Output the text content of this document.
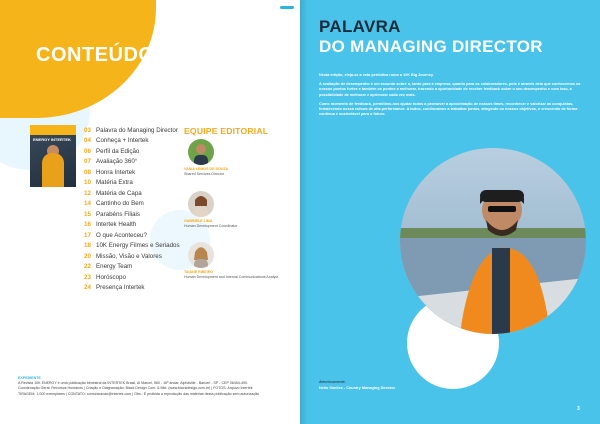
CONTEÚDO
ENERGY INTERTEK
03 Palavra do Managing Director
04 Conheça + Intertek
06 Perfil da Edição
07 Avaliação 360°
08 Honra Intertek
10 Matéria Extra
12 Matéria de Capa
14 Cantinho do Bem
15 Parabéns Filiais
16 Intertek Health
17 O que Aconteceu?
18 10K Energy Filmes e Seriados
20 Missão, Visão e Valores
22 Energy Team
23 Horóscopo
24 Presença Intertek
EQUIPE EDITORIAL
VANIA LEMOS DE SOUZA
Shared Services Director
GABRIELE LIMA
Human Development Coordinator
TAIANE RIBEIRO
Human Development and Internal Communications Analyst
EXPEDIENTE
A Revista 10K ENERGY é uma publicação bimestral da INTERTEK Brasil, Al Marcel, 560 - 16º andar, Alphaville - Barueri - SP - CEP 06454-490.
Coordenação Geral: Recursos Humanos | Criação e Diagramação: Black Design Com. & Mkt. (www.blackdesign.com.br) | FOTOS: Arquivo Intertek
TIRAGEM: 1.000 exemplares | CONTATO: comunicacao@intertek.com | Obs.: É proibida a reprodução das matérias desta publicação sem autorização.
PALAVRA
DO MANAGING DIRECTOR

Nesta edição, eleja-se a esta periódica rumo a 10K Big Journey.

A avaliação de desempenho é um assunto sobre o, tanto para a empresa, quanto para os colaboradores, pois é através dela que conhecemos os nossos pontos fortes e também os pontos a melhorar, trazendo a oportunidade de receber feedback sobre o seu desempenho e com isso, a possibilidade de melhorar e aprimorar cada vez mais.

Como momento de feedback, permitimo-nos ajudar todos a promover a aproximação de nossos times, reconhecer e valorizar as conquistas, fortalecendo nossa cultura de alta performance. A todos, continuamos a trabalhar juntos, atingindo os nossos objetivos, e crescendo de forma contínua e sustentável para o futuro.

Atenciosamente,
Nelio Simões - Country Managing Director
3
